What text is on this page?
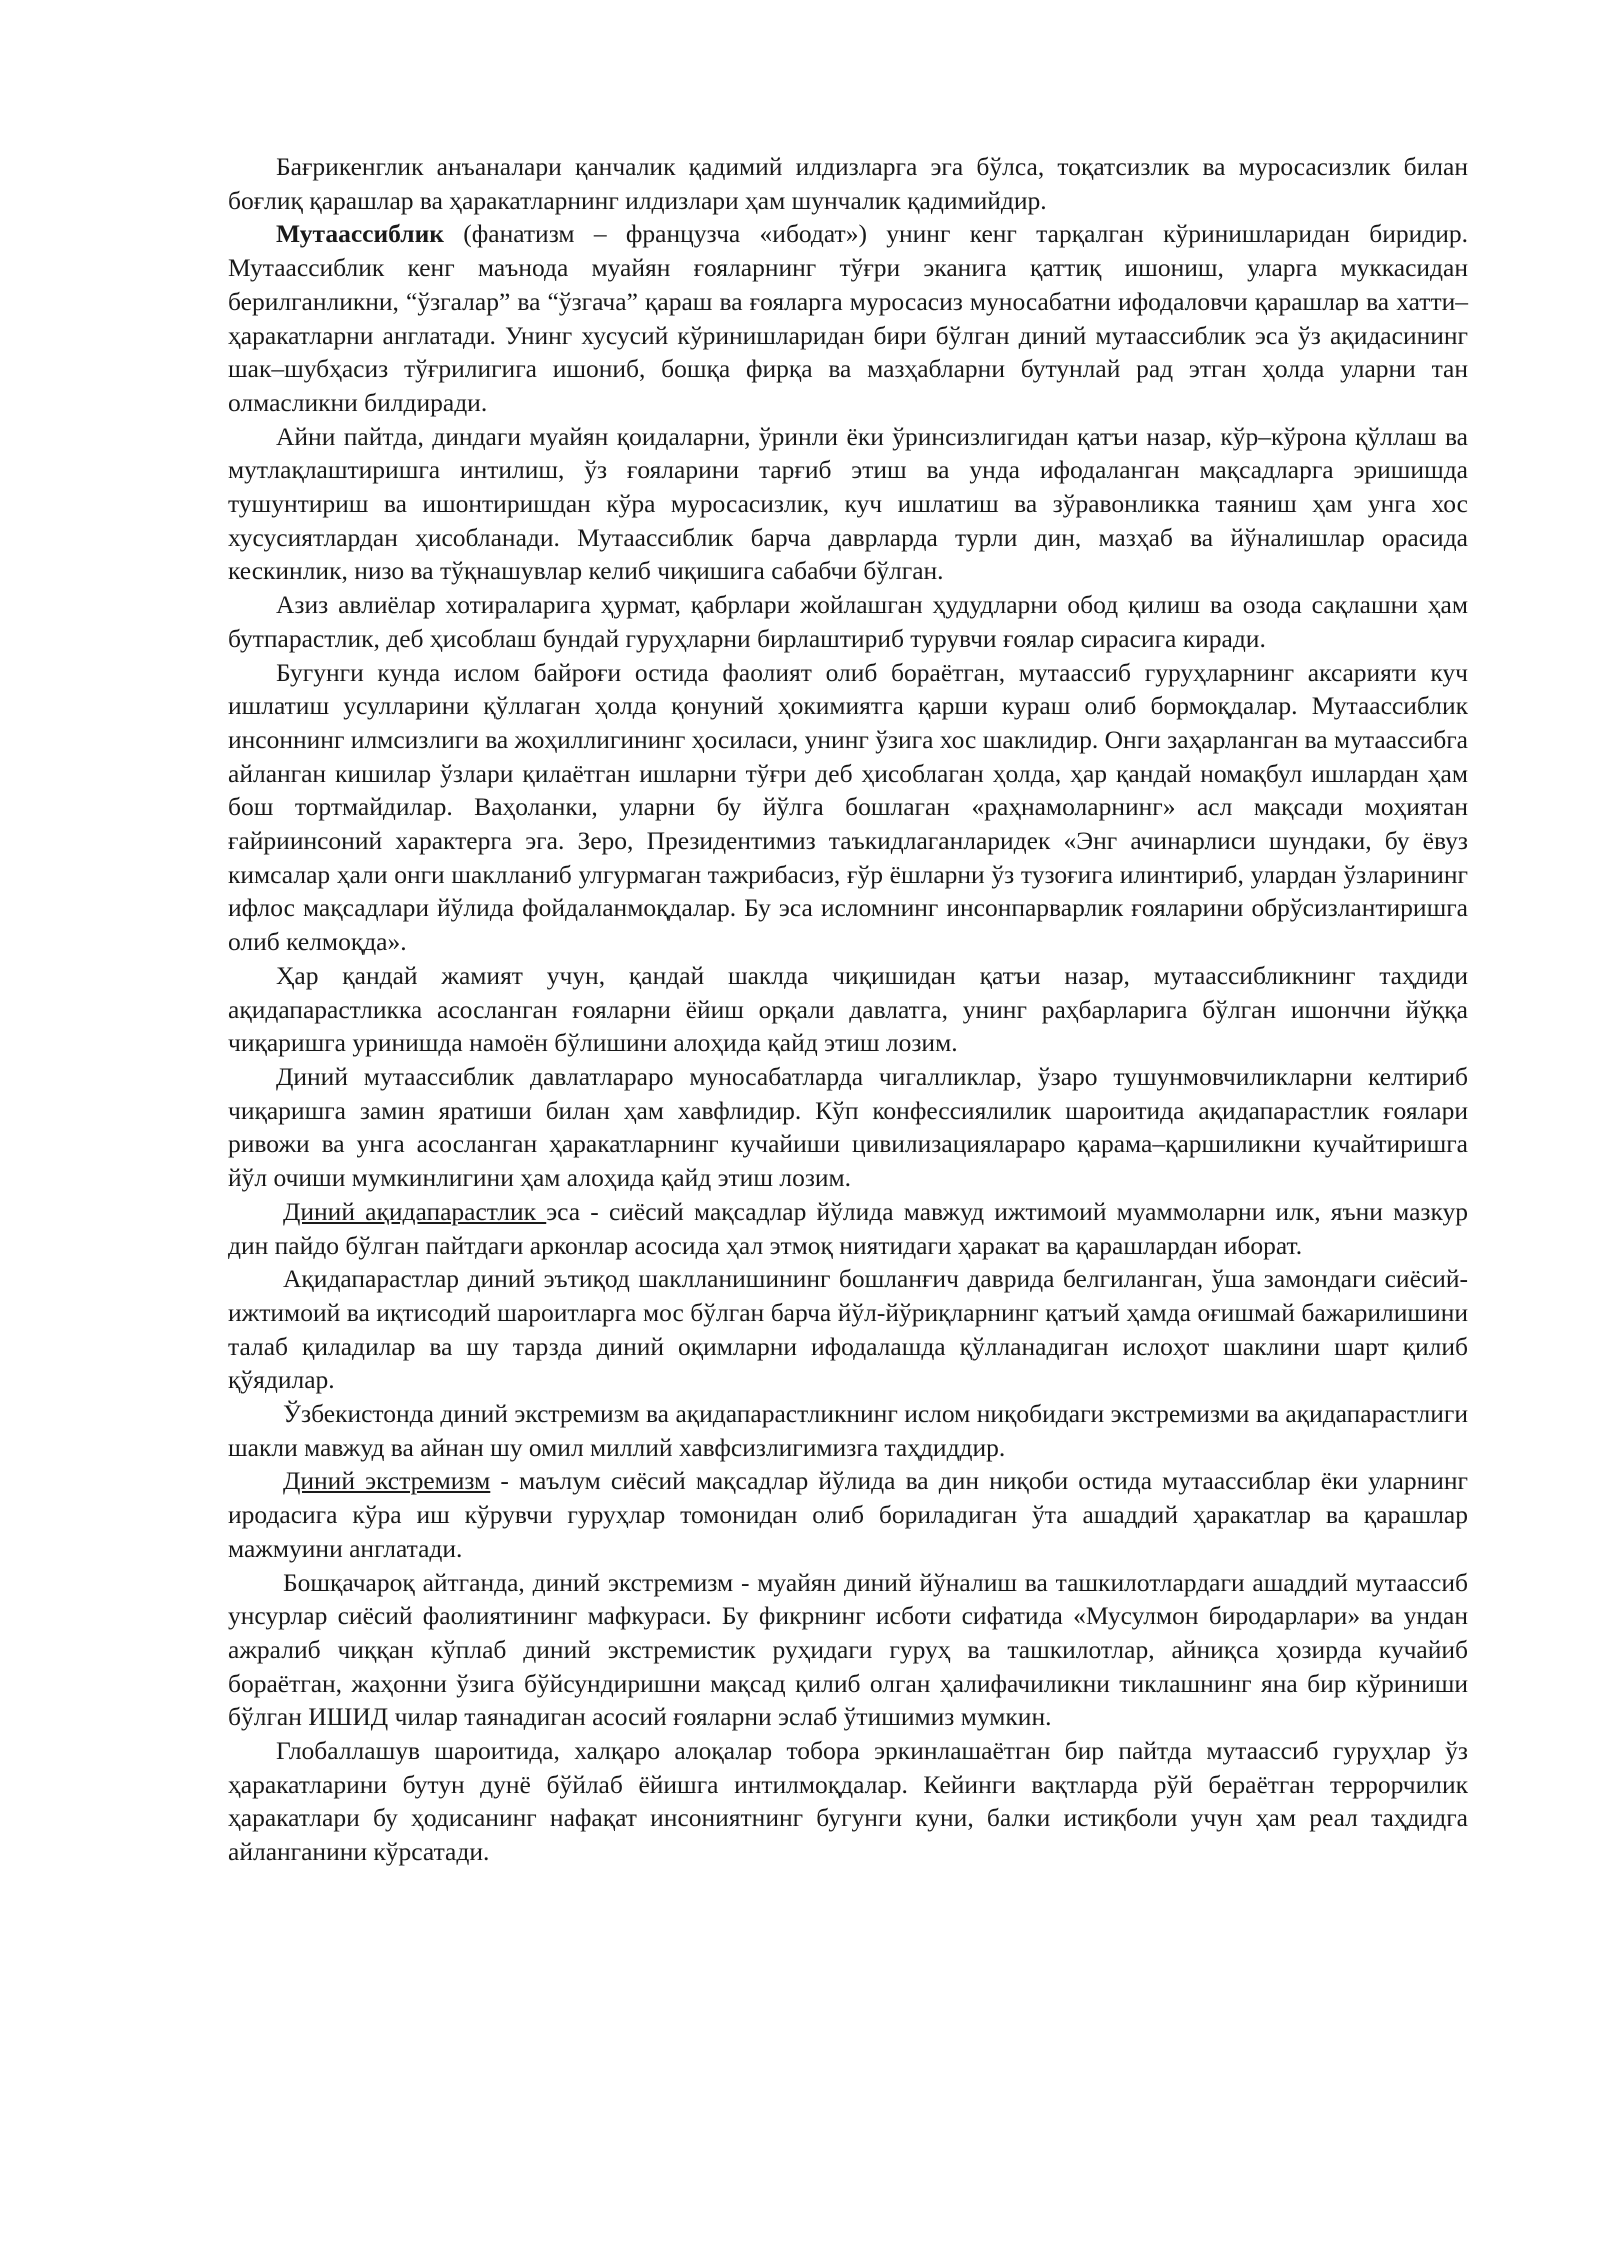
Бағрикенглик анъаналари қанчалик қадимий илдизларга эга бўлса, тоқатсизлик ва муросасизлик билан боғлиқ қарашлар ва ҳаракатларнинг илдизлари ҳам шунчалик қадимийдир.

Мутаассиблик (фанатизм – французча «ибодат») унинг кенг тарқалган кўринишларидан биридир. Мутаассиблик кенг маънода муайян ғояларнинг тўғри эканига қаттиқ ишониш, уларга муккасидан берилганликни, “ўзгалар” ва “ўзгача” қараш ва ғояларга муросасиз муносабатни ифодаловчи қарашлар ва хатти–ҳаракатларни англатади. Унинг хусусий кўринишларидан бири бўлган диний мутаассиблик эса ўз ақидасининг шак–шубҳасиз тўғрилигига ишониб, бошқа фирқа ва мазҳабларни бутунлай рад этган ҳолда уларни тан олмасликни билдиради.

Айни пайтда, диндаги муайян қоидаларни, ўринли ёки ўринсизлигидан қатъи назар, кўр–кўрона қўллаш ва мутлақлаштиришга интилиш, ўз ғояларини тарғиб этиш ва унда ифодаланган мақсадларга эришишда тушунтириш ва ишонтиришдан кўра муросасизлик, куч ишлатиш ва зўравонликка таяниш ҳам унга хос хусусиятлардан ҳисобланади. Мутаассиблик барча даврларда турли дин, мазҳаб ва йўналишлар орасида кескинлик, низо ва тўқнашувлар келиб чиқишига сабабчи бўлган.

Азиз авлиёлар хотираларига ҳурмат, қабрлари жойлашган ҳудудларни обод қилиш ва озода сақлашни ҳам бутпарастлик, деб ҳисоблаш бундай гуруҳларни бирлаштириб турувчи ғоялар сирасига киради.

Бугунги кунда ислом байроғи остида фаолият олиб бораётган, мутаассиб гуруҳларнинг аксарияти куч ишлатиш усулларини қўллаган ҳолда қонуний ҳокимиятга қарши кураш олиб бормоқдалар. Мутаассиблик инсоннинг илмсизлиги ва жоҳиллигининг ҳосиласи, унинг ўзига хос шаклидир. Онги заҳарланган ва мутаассибга айланган кишилар ўзлари қилаётган ишларни тўғри деб ҳисоблаган ҳолда, ҳар қандай номақбул ишлардан ҳам бош тортмайдилар. Ваҳоланки, уларни бу йўлга бошлаган «раҳнамоларнинг» асл мақсади моҳиятан ғайриинсоний характерга эга. Зеро, Президентимиз таъкидлаганларидек «Энг ачинарлиси шундаки, бу ёвуз кимсалар ҳали онги шаклланиб улгурмаган тажрибасиз, ғўр ёшларни ўз тузоғига илинтириб, улардан ўзларининг ифлос мақсадлари йўлида фойдаланмоқдалар. Бу эса исломнинг инсонпарварлик ғояларини обрўсизлантиришга олиб келмоқда».

Ҳар қандай жамият учун, қандай шаклда чиқишидан қатъи назар, мутаассибликнинг таҳдиди ақидапарастликка асосланган ғояларни ёйиш орқали давлатга, унинг раҳбарларига бўлган ишончни йўққа чиқаришга уринишда намоён бўлишини алоҳида қайд этиш лозим.

Диний мутаассиблик давлатлараро муносабатларда чигалликлар, ўзаро тушунмовчиликларни келтириб чиқаришга замин яратиши билан ҳам хавфлидир. Кўп конфессиялилик шароитида ақидапарастлик ғоялари ривожи ва унга асосланган ҳаракатларнинг кучайиши цивилизациялараро қарама–қаршиликни кучайтиришга йўл очиши мумкинлигини ҳам алоҳида қайд этиш лозим.

Диний ақидапарастлик эса - сиёсий мақсадлар йўлида мавжуд ижтимоий муаммоларни илк, яъни мазкур дин пайдо бўлган пайтдаги арконлар асосида ҳал этмоқ ниятидаги ҳаракат ва қарашлардан иборат.

Ақидапарастлар диний эътиқод шаклланишининг бошланғич даврида белгиланган, ўша замондаги сиёсий-ижтимоий ва иқтисодий шароитларга мос бўлган барча йўл-йўриқларнинг қатъий ҳамда оғишмай бажарилишини талаб қиладилар ва шу тарзда диний оқимларни ифодалашда қўлланадиган ислоҳот шаклини шарт қилиб қўядилар.

Ўзбекистонда диний экстремизм ва ақидапарастликнинг ислом ниқобидаги экстремизми ва ақидапарастлиги шакли мавжуд ва айнан шу омил миллий хавфсизлигимизга таҳдиддир.

Диний экстремизм - маълум сиёсий мақсадлар йўлида ва дин ниқоби остида мутаассиблар ёки уларнинг иродасига кўра иш кўрувчи гуруҳлар томонидан олиб бориладиган ўта ашаддий ҳаракатлар ва қарашлар мажмуини англатади.

Бошқачароқ айтганда, диний экстремизм - муайян диний йўналиш ва ташкилотлардаги ашаддий мутаассиб унсурлар сиёсий фаолиятининг мафкураси. Бу фикрнинг исботи сифатида «Мусулмон биродарлари» ва ундан ажралиб чиққан кўплаб диний экстремистик руҳидаги гуруҳ ва ташкилотлар, айниқса ҳозирда кучайиб бораётган, жаҳонни ўзига бўйсундиришни мақсад қилиб олган ҳалифачиликни тиклашнинг яна бир кўриниши бўлган ИШИД чилар таянадиган асосий ғояларни эслаб ўтишимиз мумкин.

Глобаллашув шароитида, халқаро алоқалар тобора эркинлашаётган бир пайтда мутаассиб гуруҳлар ўз ҳаракатларини бутун дунё бўйлаб ёйишга интилмоқдалар. Кейинги вақтларда рўй бераётган террорчилик ҳаракатлари бу ҳодисанинг нафақат инсониятнинг бугунги куни, балки истиқболи учун ҳам реал таҳдидга айланганини кўрсатади.
